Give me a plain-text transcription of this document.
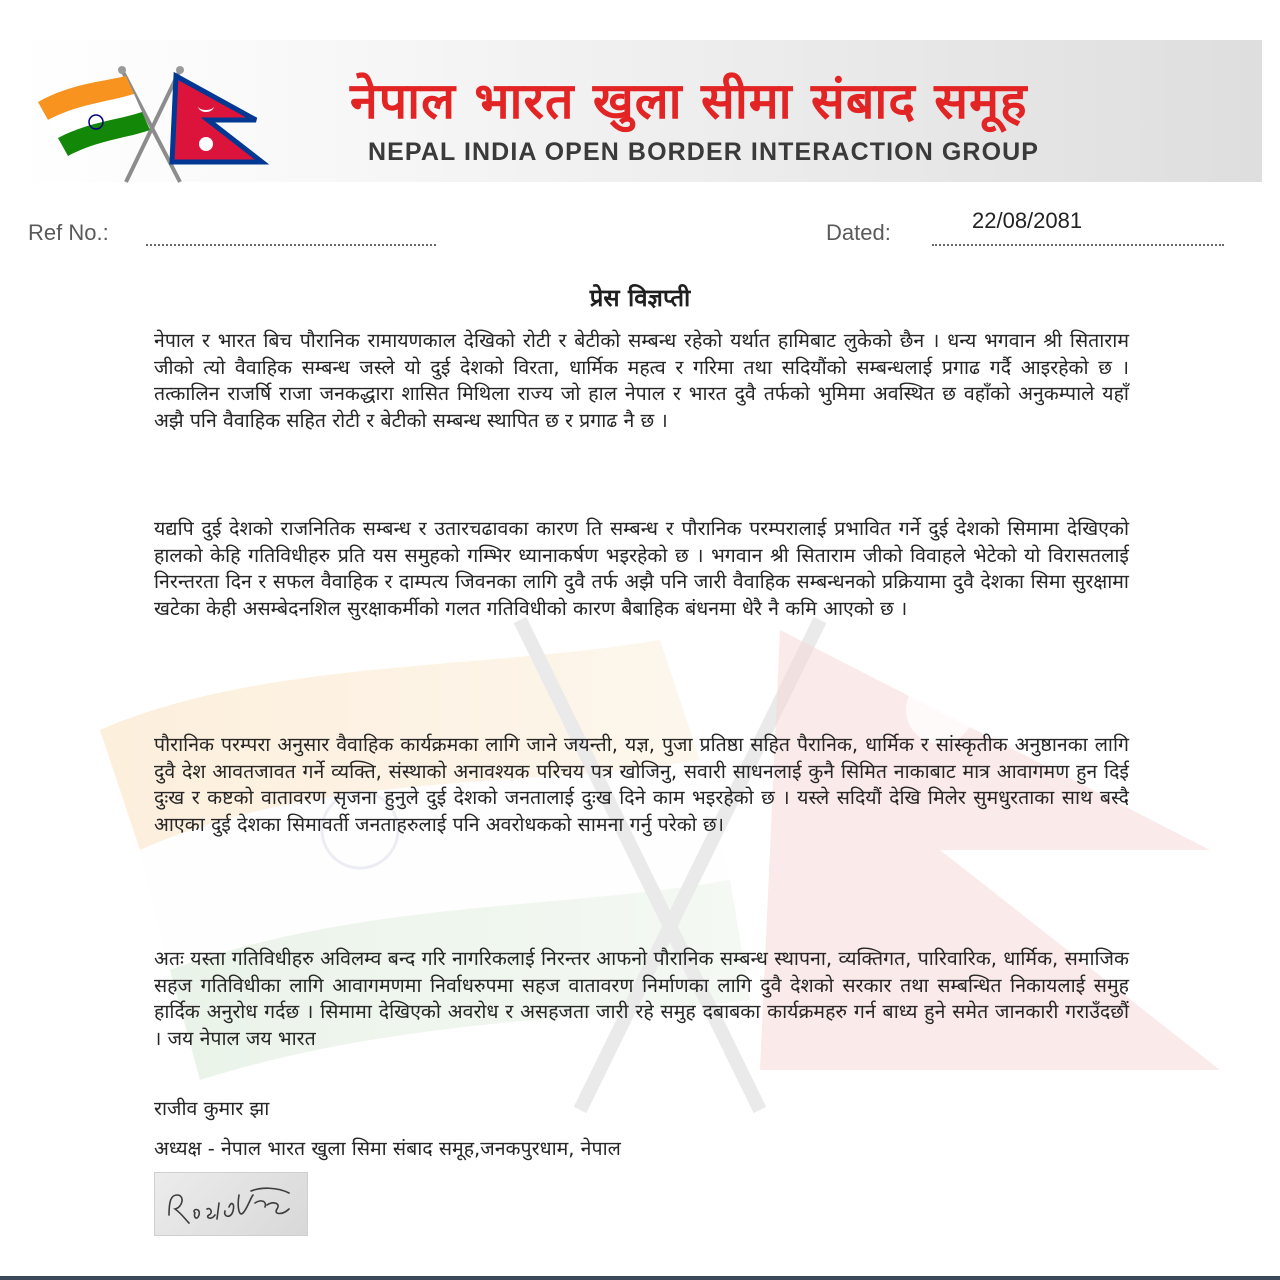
नेपाल भारत खुला सीमा संबाद समूह
NEPAL INDIA OPEN BORDER INTERACTION GROUP
Ref No.:	Dated:	22/08/2081
प्रेस विज्ञप्ती
नेपाल र भारत बिच पौरानिक रामायणकाल देखिको रोटी र बेटीको सम्बन्ध रहेको यर्थात हामिबाट लुकेको छैन । धन्य भगवान श्री सिताराम जीको त्यो वैवाहिक सम्बन्ध जस्ले यो दुई देशको विरता, धार्मिक महत्व र गरिमा तथा सदियौंको सम्बन्धलाई प्रगाढ गर्दै आइरहेको छ । तत्कालिन राजर्षि राजा जनकद्धारा शासित मिथिला राज्य जो हाल नेपाल र भारत दुवै तर्फको भुमिमा अवस्थित छ वहाँको अनुकम्पाले यहाँ अझै पनि वैवाहिक सहित रोटी र बेटीको सम्बन्ध स्थापित छ र प्रगाढ नै छ ।
यद्यपि दुई देशको राजनितिक सम्बन्ध र उतारचढावका कारण ति सम्बन्ध र पौरानिक परम्परालाई प्रभावित गर्ने दुई देशको सिमामा देखिएको हालको केहि गतिविधीहरु प्रति यस समुहको गम्भिर ध्यानाकर्षण भइरहेको छ । भगवान श्री सिताराम जीको विवाहले भेटेको यो विरासतलाई निरन्तरता दिन र सफल वैवाहिक र दाम्पत्य जिवनका लागि दुवै तर्फ अझै पनि जारी वैवाहिक सम्बन्धनको प्रक्रियामा दुवै देशका सिमा सुरक्षामा खटेका केही असम्बेदनशिल सुरक्षाकर्मीको गलत गतिविधीको कारण बैबाहिक बंधनमा धेरै नै कमि आएको छ ।
पौरानिक परम्परा अनुसार वैवाहिक कार्यक्रमका लागि जाने जयन्ती, यज्ञ, पुजा प्रतिष्ठा सहित पैरानिक, धार्मिक र सांस्कृतीक अनुष्ठानका लागि दुवै देश आवतजावत गर्ने व्यक्ति, संस्थाको अनावश्यक परिचय पत्र खोजिनु, सवारी साधनलाई कुनै सिमित नाकाबाट मात्र आवागमण हुन दिई दुःख र कष्टको वातावरण सृजना हुनुले दुई देशको जनतालाई दुःख दिने काम भइरहेको छ । यस्ले सदियौं देखि मिलेर सुमधुरताका साथ बस्दै आएका दुई देशका सिमावर्ती जनताहरुलाई पनि अवरोधकको सामना गर्नु परेको छ।
अतः यस्ता गतिविधीहरु अविलम्व बन्द गरि नागरिकलाई निरन्तर आफनो पौरानिक सम्बन्ध स्थापना, व्यक्तिगत, पारिवारिक, धार्मिक, समाजिक सहज गतिविधीका लागि आवागमणमा निर्वाधरुपमा सहज वातावरण निर्माणका लागि दुवै देशको सरकार तथा सम्बन्धित निकायलाई समुह हार्दिक अनुरोध गर्दछ । सिमामा देखिएको अवरोध र असहजता जारी रहे समुह दबाबका कार्यक्रमहरु गर्न बाध्य हुने समेत जानकारी गराउँदछौं । जय नेपाल जय भारत
राजीव कुमार झा
अध्यक्ष - नेपाल भारत खुला सिमा संबाद समूह,जनकपुरधाम, नेपाल
